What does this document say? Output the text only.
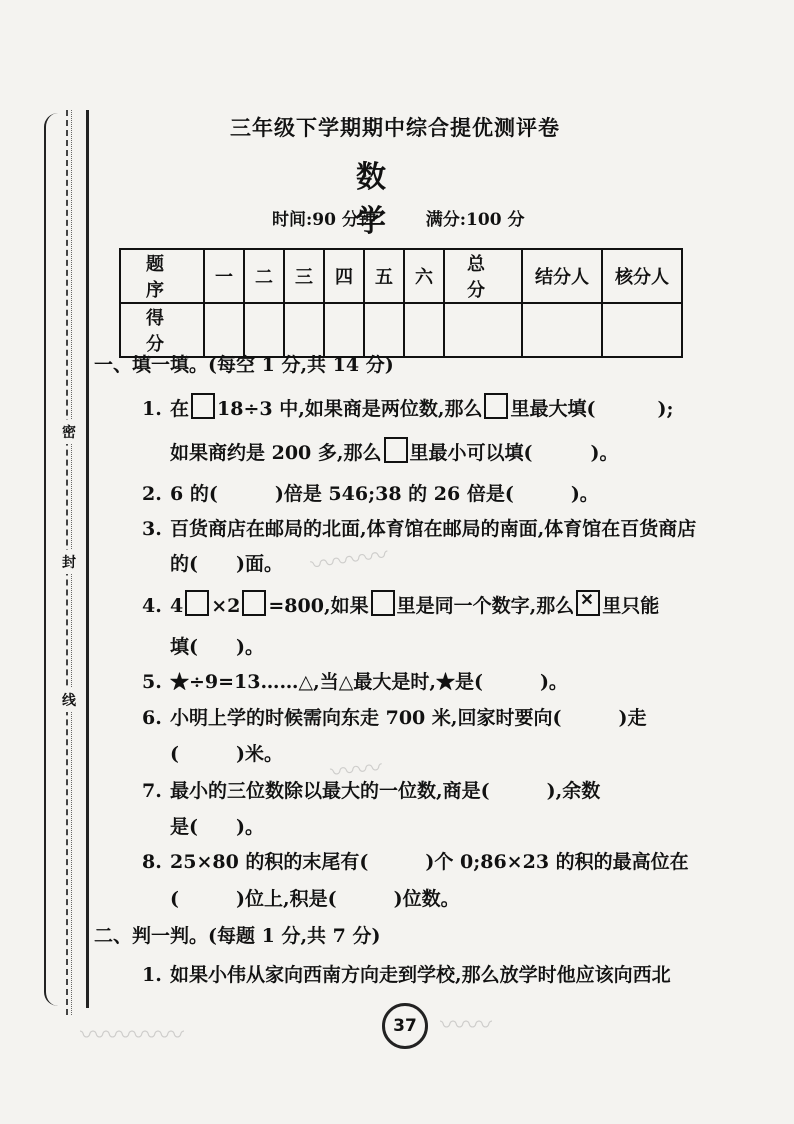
密
封
线
三年级下学期期中综合提优测评卷
数 学
时间:90 分钟	满分:100 分
题 序	一	二	三	四	五	六	总 分	结分人	核分人
得 分									
一、填一填。(每空 1 分,共 14 分)
1. 在 18÷3 中,如果商是两位数,那么 里最大填(	);
如果商约是 200 多,那么 里最小可以填(	)。
2. 6 的(　　　)倍是 546;38 的 26 倍是(　　　)。
3. 百货商店在邮局的北面,体育馆在邮局的南面,体育馆在百货商店
的(　　)面。
4. 4 ×2 =800,如果 里是同一个数字,那么 ✕ 里只能
填(　　)。
5. ★÷9=13……△,当△最大是时,★是(　　　)。
6. 小明上学的时候需向东走 700 米,回家时要向(　　　)走
(　　　)米。
7. 最小的三位数除以最大的一位数,商是(　　　),余数
是(　　)。
8. 25×80 的积的末尾有(　　　)个 0;86×23 的积的最高位在
(　　　)位上,积是(　　　)位数。
二、判一判。(每题 1 分,共 7 分)
1. 如果小伟从家向西南方向走到学校,那么放学时他应该向西北
37
〰〰〰
〰〰
〰〰〰〰	〰〰
